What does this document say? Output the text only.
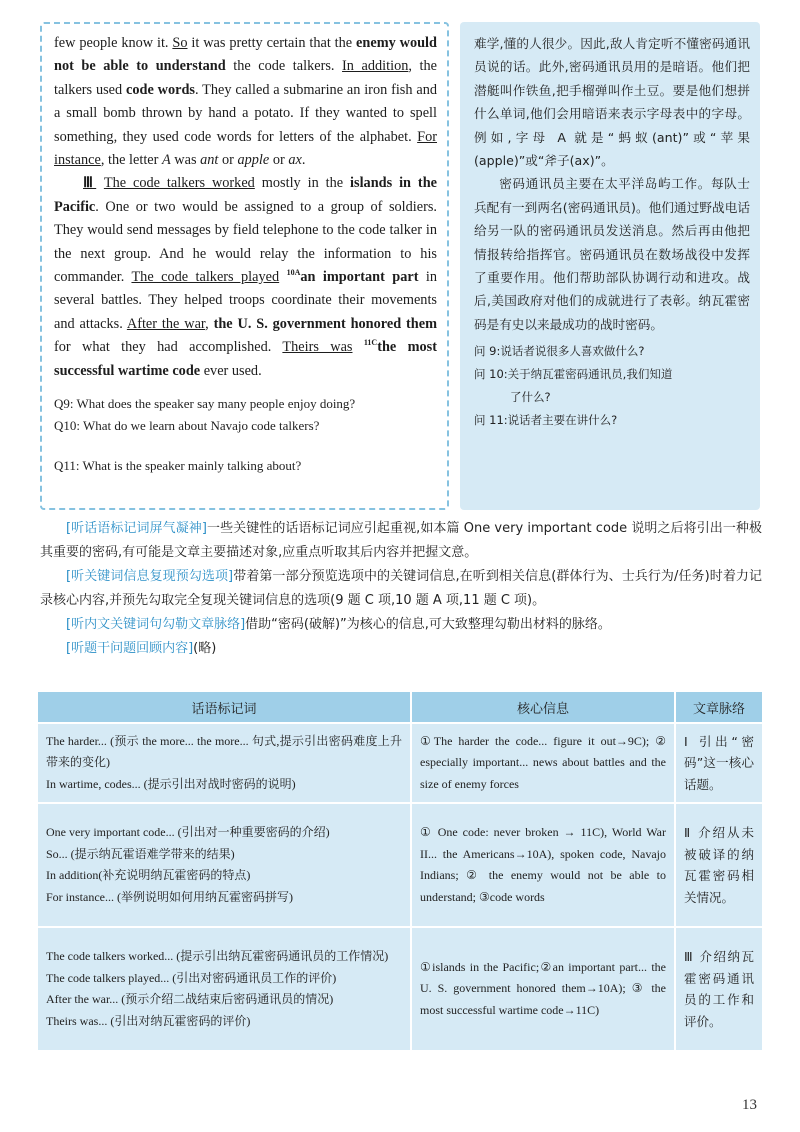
few people know it. So it was pretty certain that the enemy would not be able to understand the code talkers. In addition, the talkers used code words. They called a submarine an iron fish and a small bomb thrown by hand a potato. If they wanted to spell something, they used code words for letters of the alphabet. For instance, the letter A was ant or apple or ax.

Ⅲ The code talkers worked mostly in the islands in the Pacific. One or two would be assigned to a group of soldiers. They would send messages by field telephone to the code talker in the next group. And he would relay the information to his commander. The code talkers played $^{10A}$an important part in several battles. They helped troops coordinate their movements and attacks. After the war, the U. S. government honored them for what they had accomplished. Theirs was $^{11C}$the most successful wartime code ever used.

Q9: What does the speaker say many people enjoy doing?
Q10: What do we learn about Navajo code talkers?
Q11: What is the speaker mainly talking about?

难学,懂的人很少。因此,敌人肯定听不懂密码通讯员说的话。此外,密码通讯员用的是暗语。他们把潜艇叫作铁鱼,把手榴弹叫作土豆。要是他们想拼什么单词,他们会用暗语来表示字母表中的字母。例如,字母 A 就是“蚂蚁(ant)”或“苹果(apple)”或“斧子(ax)”。

密码通讯员主要在太平洋岛屿工作。每队士兵配有一到两名(密码通讯员)。他们通过野战电话给另一队的密码通讯员发送消息。然后再由他把情报转给指挥官。密码通讯员在数场战役中发挥了重要作用。他们帮助部队协调行动和进攻。战后,美国政府对他们的成就进行了表彰。纳瓦霍密码是有史以来最成功的战时密码。

问 9:说话者说很多人喜欢做什么?
问 10:关于纳瓦霍密码通讯员,我们知道
了什么?
问 11:说话者主要在讲什么?

[听话语标记词屏气凝神]一些关键性的话语标记词应引起重视,如本篇 One very important code 说明之后将引出一种极其重要的密码,有可能是文章主要描述对象,应重点听取其后内容并把握文意。

[听关键词信息复现预勾选项]带着第一部分预览选项中的关键词信息,在听到相关信息(群体行为、士兵行为/任务)时着力记录核心内容,并预先勾取完全复现关键词信息的选项(9 题 C 项,10 题 A 项,11 题 C 项)。

[听内文关键词句勾勒文章脉络]借助“密码(破解)”为核心的信息,可大致整理勾勒出材料的脉络。

[听题干问题回顾内容](略)

话语标记词	核心信息	文章脉络

The harder... (预示 the more... the more... 句式,提示引出密码难度上升带来的变化)
In wartime, codes... (提示引出对战时密码的说明)	①The harder the code... figure it out→9C); ② especially important... news about battles and the size of enemy forces	Ⅰ 引出“密码”这一核心话题。

One very important code... (引出对一种重要密码的介绍)
So... (提示纳瓦霍语难学带来的结果)
In addition(补充说明纳瓦霍密码的特点)
For instance... (举例说明如何用纳瓦霍密码拼写)	① One code: never broken → 11C), World War II... the Americans→10A), spoken code, Navajo Indians; ② the enemy would not be able to understand; ③code words	Ⅱ 介绍从未被破译的纳瓦霍密码相关情况。

The code talkers worked... (提示引出纳瓦霍密码通讯员的工作情况)
The code talkers played... (引出对密码通讯员工作的评价)
After the war... (预示介绍二战结束后密码通讯员的情况)
Theirs was... (引出对纳瓦霍密码的评价)	①islands in the Pacific;②an important part... the U. S. government honored them→10A); ③ the most successful wartime code→11C)	Ⅲ 介绍纳瓦霍密码通讯员的工作和评价。
13
